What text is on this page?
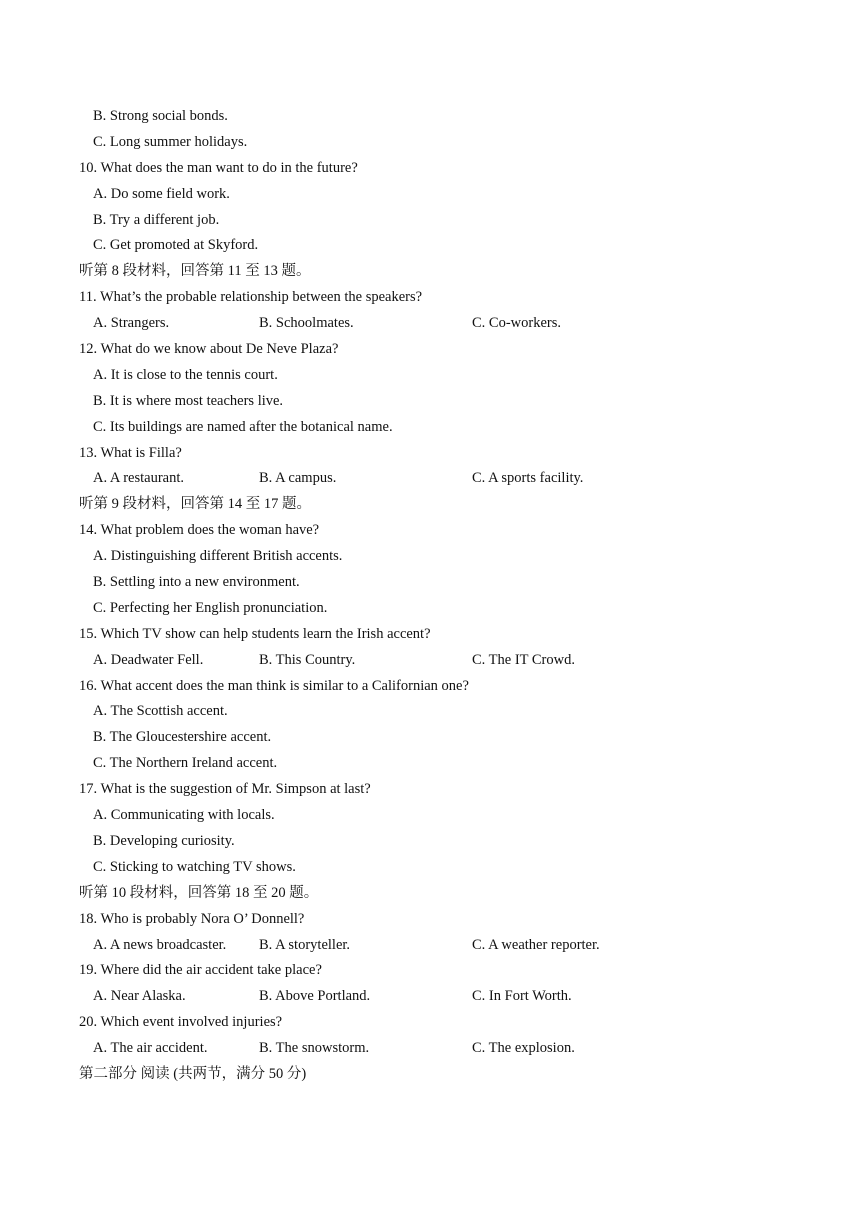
B. Strong social bonds.
C. Long summer holidays.
10. What does the man want to do in the future?
A. Do some field work.
B. Try a different job.
C. Get promoted at Skyford.
听第 8 段材料，回答第 11 至 13 题。
11. What’s the probable relationship between the speakers?
A. Strangers.	B. Schoolmates.	C. Co-workers.
12. What do we know about De Neve Plaza?
A. It is close to the tennis court.
B. It is where most teachers live.
C. Its buildings are named after the botanical name.
13. What is Filla?
A. A restaurant.	B. A campus.	C. A sports facility.
听第 9 段材料，回答第 14 至 17 题。
14. What problem does the woman have?
A. Distinguishing different British accents.
B. Settling into a new environment.
C. Perfecting her English pronunciation.
15. Which TV show can help students learn the Irish accent?
A. Deadwater Fell.	B. This Country.	C. The IT Crowd.
16. What accent does the man think is similar to a Californian one?
A. The Scottish accent.
B. The Gloucestershire accent.
C. The Northern Ireland accent.
17. What is the suggestion of Mr. Simpson at last?
A. Communicating with locals.
B. Developing curiosity.
C. Sticking to watching TV shows.
听第 10 段材料，回答第 18 至 20 题。
18. Who is probably Nora O’ Donnell?
A. A news broadcaster. B. A storyteller.	C. A weather reporter.
19. Where did the air accident take place?
A. Near Alaska.	B. Above Portland.	C. In Fort Worth.
20. Which event involved injuries?
A. The air accident.	B. The snowstorm.	C. The explosion.
第二部分 阅读 (共两节，满分 50 分)
